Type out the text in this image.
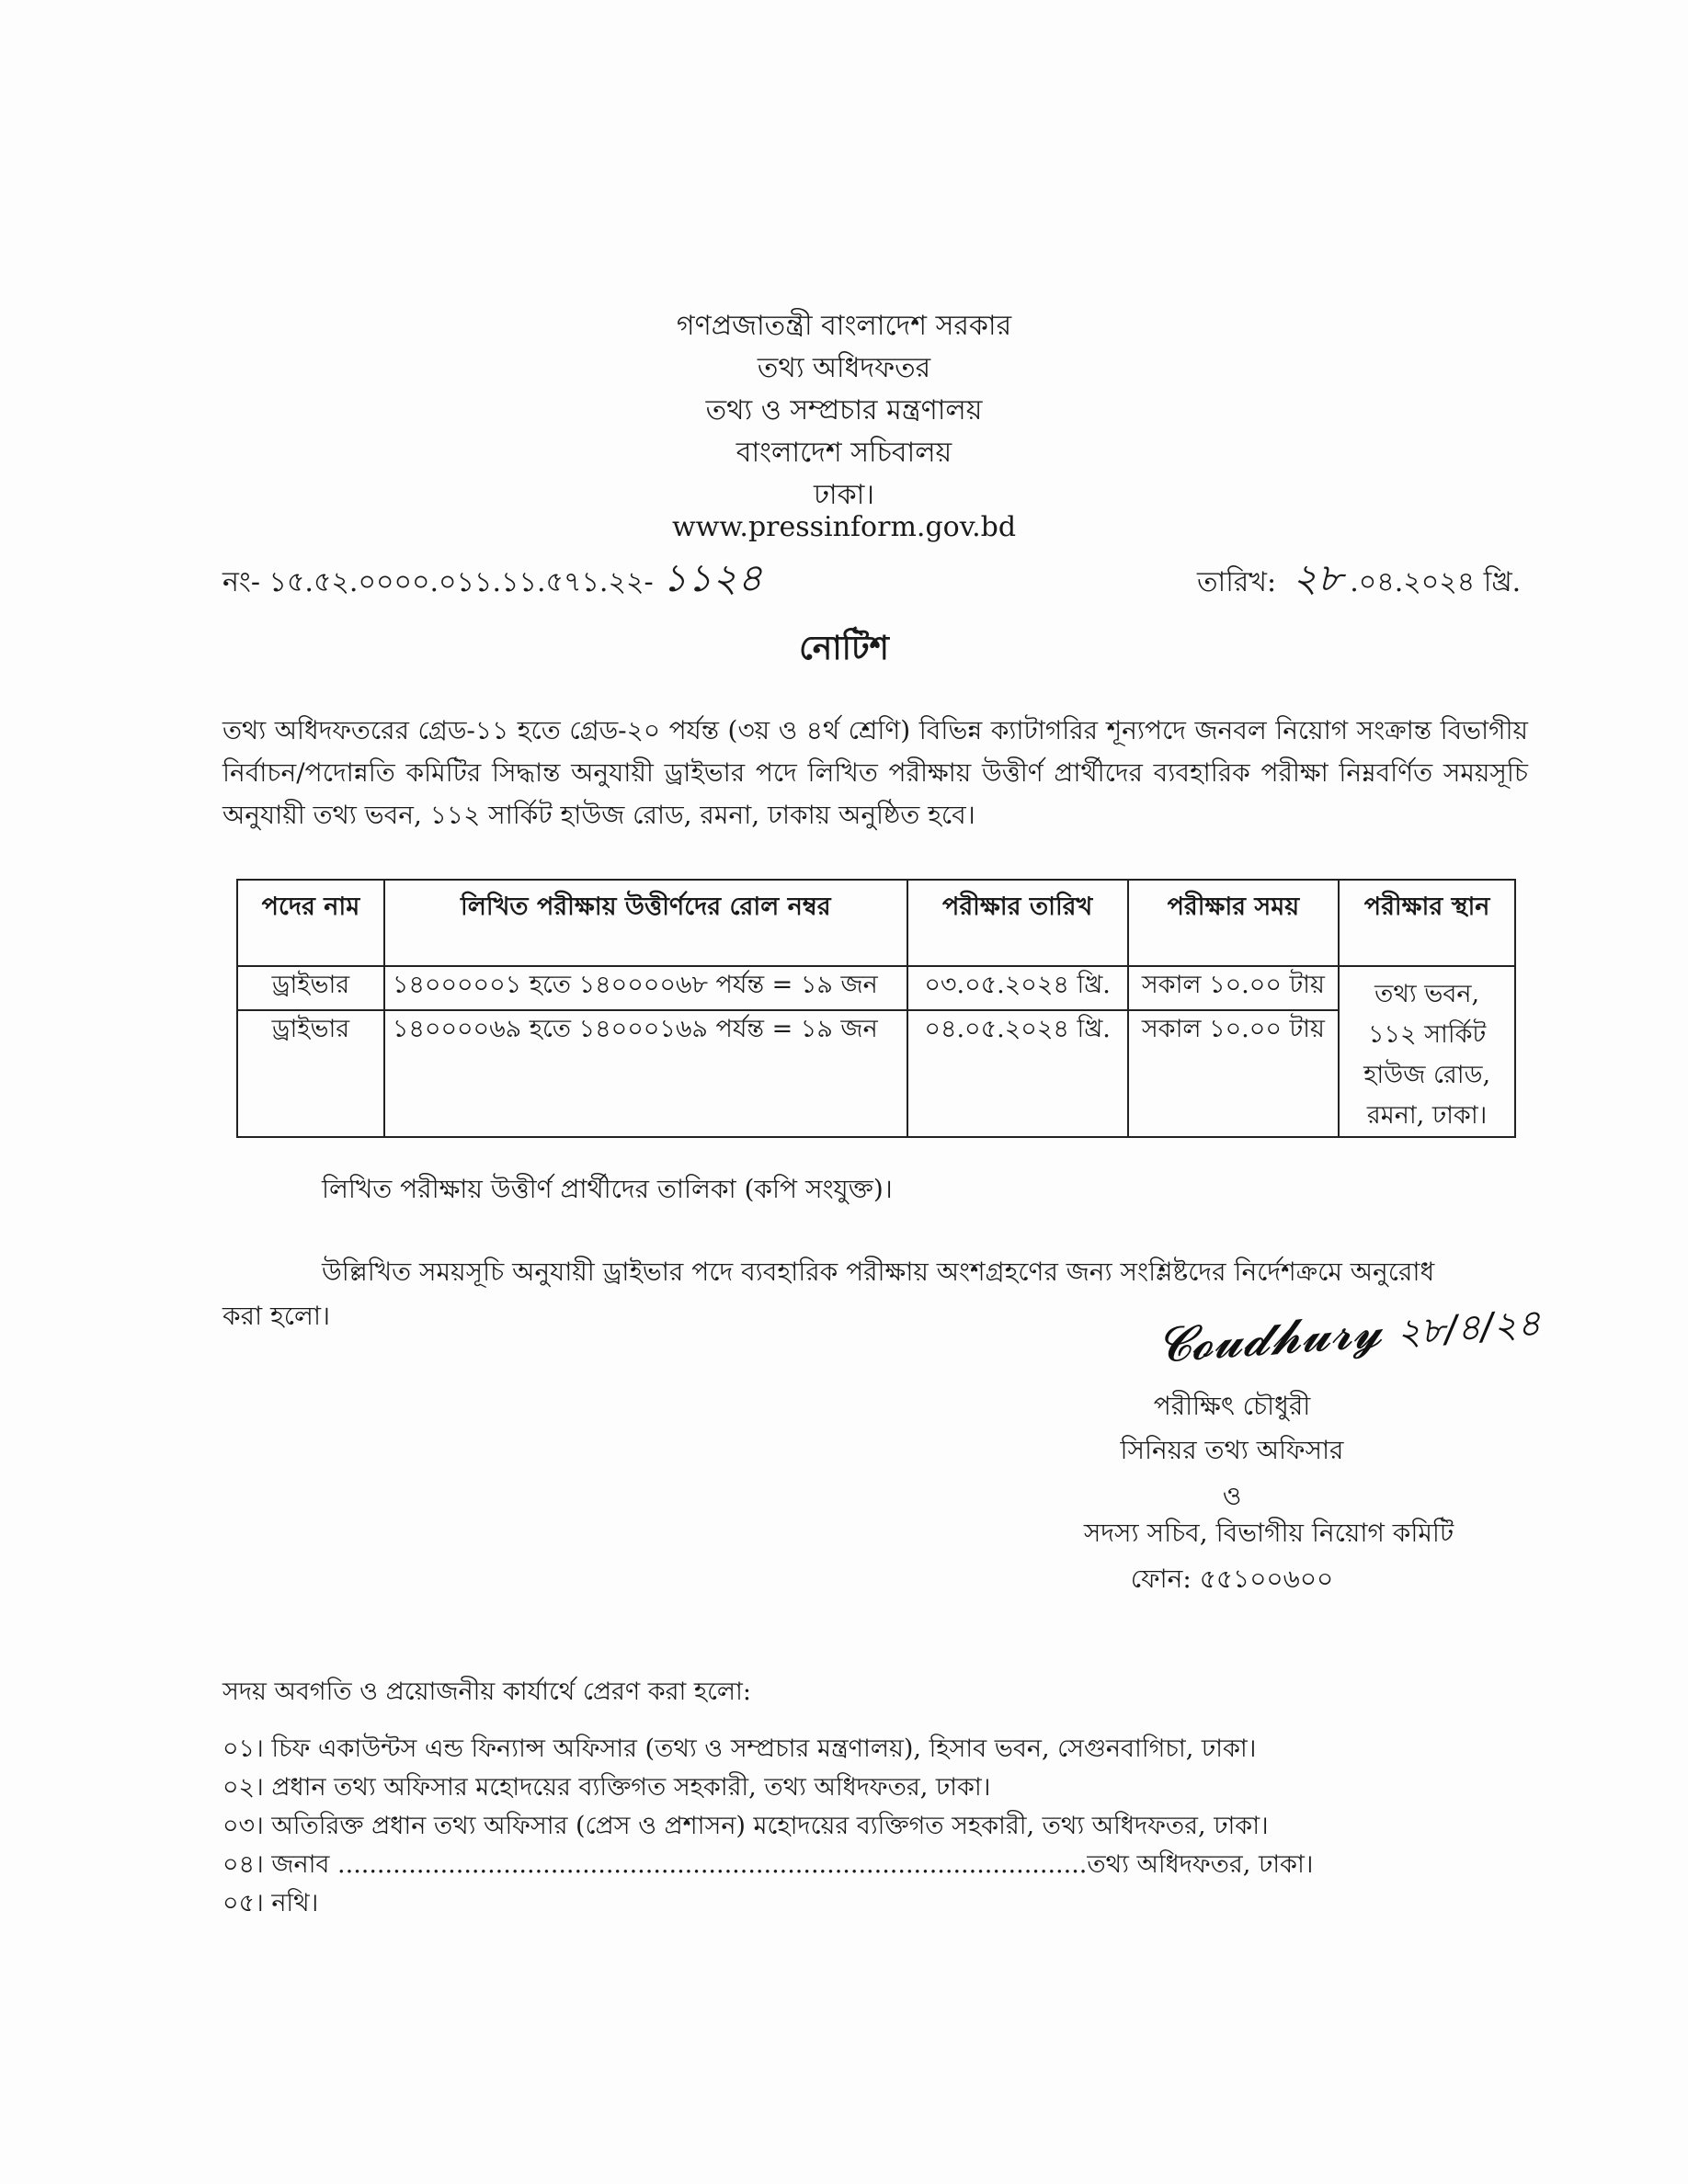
গণপ্রজাতন্ত্রী বাংলাদেশ সরকার
তথ্য অধিদফতর
তথ্য ও সম্প্রচার মন্ত্রণালয়
বাংলাদেশ সচিবালয়
ঢাকা।
www.pressinform.gov.bd
নং- ১৫.৫২.০০০০.০১১.১১.৫৭১.২২- ১১২৪	তারিখ: ২৮ .০৪.২০২৪ খ্রি.
নোটিশ
তথ্য অধিদফতরের গ্রেড-১১ হতে গ্রেড-২০ পর্যন্ত (৩য় ও ৪র্থ শ্রেণি) বিভিন্ন ক্যাটাগরির শূন্যপদে জনবল নিয়োগ সংক্রান্ত বিভাগীয় নির্বাচন/পদোন্নতি কমিটির সিদ্ধান্ত অনুযায়ী ড্রাইভার পদে লিখিত পরীক্ষায় উত্তীর্ণ প্রার্থীদের ব্যবহারিক পরীক্ষা নিম্নবর্ণিত সময়সূচি অনুযায়ী তথ্য ভবন, ১১২ সার্কিট হাউজ রোড, রমনা, ঢাকায় অনুষ্ঠিত হবে।
পদের নাম	লিখিত পরীক্ষায় উত্তীর্ণদের রোল নম্বর	পরীক্ষার তারিখ	পরীক্ষার সময়	পরীক্ষার স্থান
ড্রাইভার	১৪০০০০০১ হতে ১৪০০০০৬৮ পর্যন্ত = ১৯ জন	০৩.০৫.২০২৪ খ্রি.	সকাল ১০.০০ টায়	তথ্য ভবন, ১১২ সার্কিট হাউজ রোড, রমনা, ঢাকা।
ড্রাইভার	১৪০০০০৬৯ হতে ১৪০০০১৬৯ পর্যন্ত = ১৯ জন	০৪.০৫.২০২৪ খ্রি.	সকাল ১০.০০ টায়	
লিখিত পরীক্ষায় উত্তীর্ণ প্রার্থীদের তালিকা (কপি সংযুক্ত)।
উল্লিখিত সময়সূচি অনুযায়ী ড্রাইভার পদে ব্যবহারিক পরীক্ষায় অংশগ্রহণের জন্য সংশ্লিষ্টদের নির্দেশক্রমে অনুরোধ
করা হলো।	𝓒𝓸𝓾𝓭𝓱𝓾𝓻𝔂 ২৮/৪/২৪
পরীক্ষিৎ চৌধুরী
সিনিয়র তথ্য অফিসার
ও
সদস্য সচিব, বিভাগীয় নিয়োগ কমিটি
ফোন: ৫৫১০০৬০০
সদয় অবগতি ও প্রয়োজনীয় কার্যার্থে প্রেরণ করা হলো:
০১। চিফ একাউন্টস এন্ড ফিন্যান্স অফিসার (তথ্য ও সম্প্রচার মন্ত্রণালয়), হিসাব ভবন, সেগুনবাগিচা, ঢাকা।
০২। প্রধান তথ্য অফিসার মহোদয়ের ব্যক্তিগত সহকারী, তথ্য অধিদফতর, ঢাকা।
০৩। অতিরিক্ত প্রধান তথ্য অফিসার (প্রেস ও প্রশাসন) মহোদয়ের ব্যক্তিগত সহকারী, তথ্য অধিদফতর, ঢাকা।
০৪। জনাব ...............................................................................................তথ্য অধিদফতর, ঢাকা।
০৫। নথি।
